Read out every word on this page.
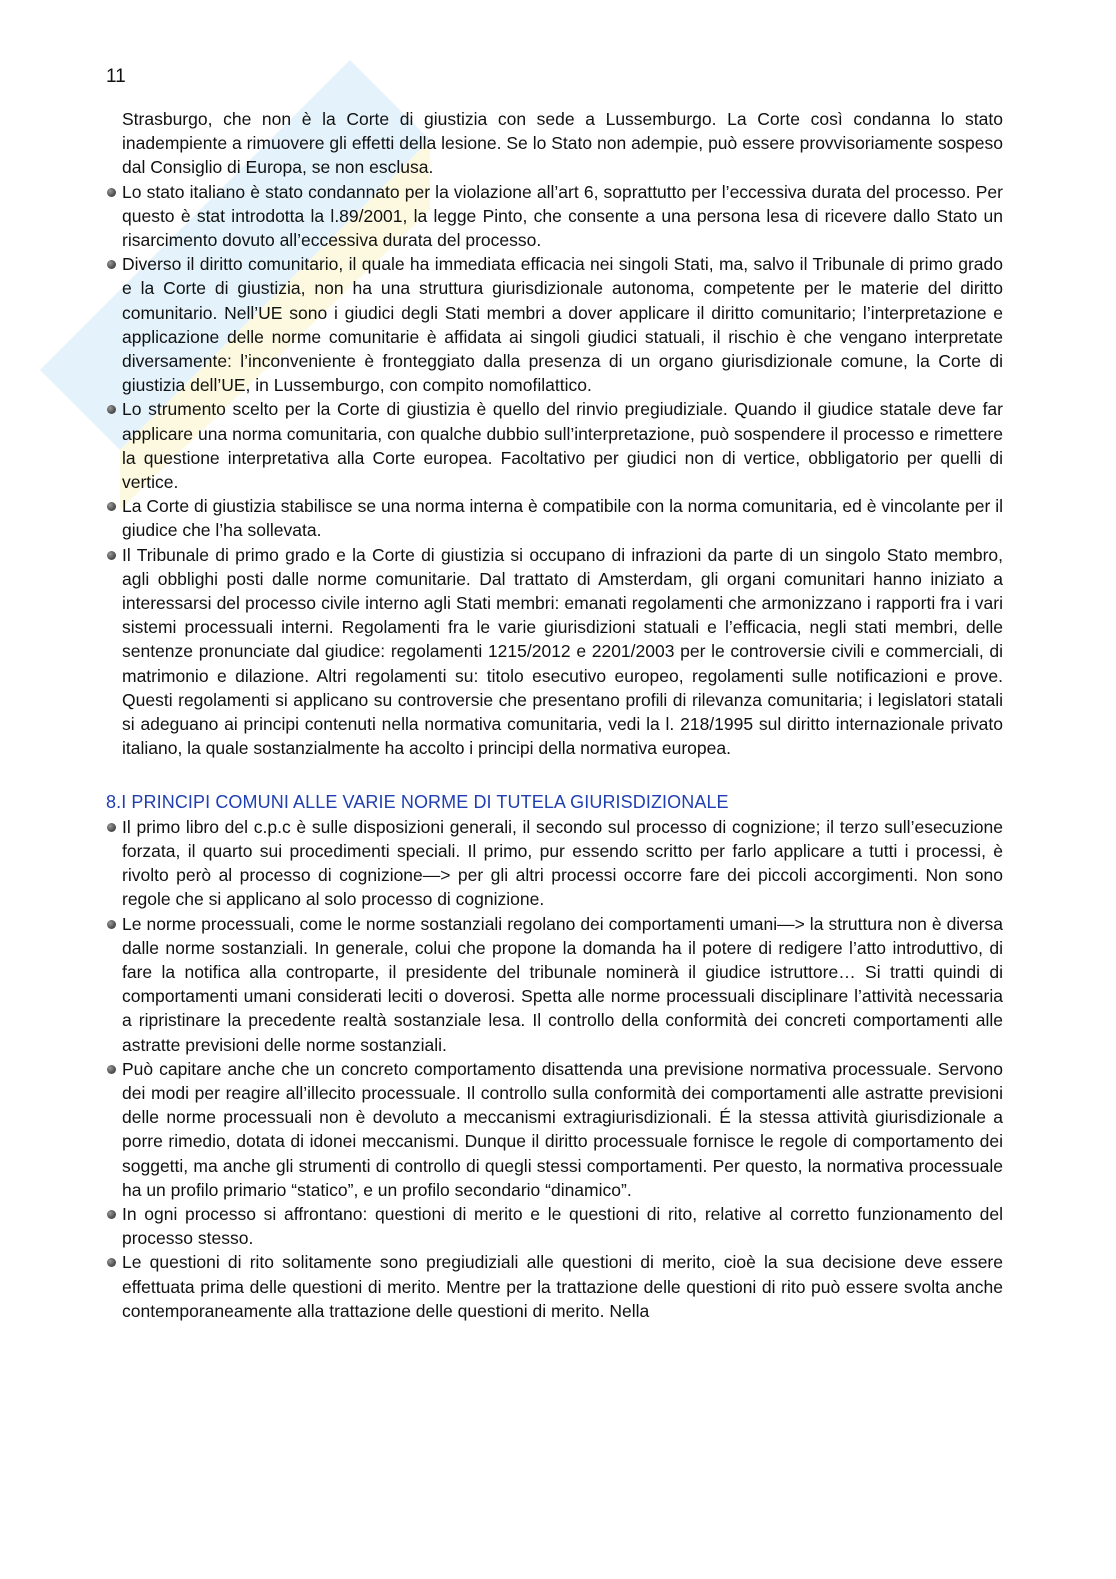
11

Strasburgo, che non è la Corte di giustizia con sede a Lussemburgo. La Corte così condanna lo stato inadempiente a rimuovere gli effetti della lesione. Se lo Stato non adempie, può essere provvisoriamente sospeso dal Consiglio di Europa, se non esclusa.

Lo stato italiano è stato condannato per la violazione all’art 6, soprattutto per l’eccessiva durata del processo. Per questo è stat introdotta la l.89/2001, la legge Pinto, che consente a una persona lesa di ricevere dallo Stato un risarcimento dovuto all’eccessiva durata del processo.

Diverso il diritto comunitario, il quale ha immediata efficacia nei singoli Stati, ma, salvo il Tribunale di primo grado e la Corte di giustizia, non ha una struttura giurisdizionale autonoma, competente per le materie del diritto comunitario. Nell’UE sono i giudici degli Stati membri a dover applicare il diritto comunitario; l’interpretazione e applicazione delle norme comunitarie è affidata ai singoli giudici statuali, il rischio è che vengano interpretate diversamente: l’inconveniente è fronteggiato dalla presenza di un organo giurisdizionale comune, la Corte di giustizia dell’UE, in Lussemburgo, con compito nomofilattico.

Lo strumento scelto per la Corte di giustizia è quello del rinvio pregiudiziale. Quando il giudice statale deve far applicare una norma comunitaria, con qualche dubbio sull’interpretazione, può sospendere il processo e rimettere la questione interpretativa alla Corte europea. Facoltativo per giudici non di vertice, obbligatorio per quelli di vertice.

La Corte di giustizia stabilisce se una norma interna è compatibile con la norma comunitaria, ed è vincolante per il giudice che l’ha sollevata.

Il Tribunale di primo grado e la Corte di giustizia si occupano di infrazioni da parte di un singolo Stato membro, agli obblighi posti dalle norme comunitarie. Dal trattato di Amsterdam, gli organi comunitari hanno iniziato a interessarsi del processo civile interno agli Stati membri: emanati regolamenti che armonizzano i rapporti fra i vari sistemi processuali interni. Regolamenti fra le varie giurisdizioni statuali e l’efficacia, negli stati membri, delle sentenze pronunciate dal giudice: regolamenti 1215/2012 e 2201/2003 per le controversie civili e commerciali, di matrimonio e dilazione. Altri regolamenti su: titolo esecutivo europeo, regolamenti sulle notificazioni e prove. Questi regolamenti si applicano su controversie che presentano profili di rilevanza comunitaria; i legislatori statali si adeguano ai principi contenuti nella normativa comunitaria, vedi la l. 218/1995 sul diritto internazionale privato italiano, la quale sostanzialmente ha accolto i principi della normativa europea.

8.I PRINCIPI COMUNI ALLE VARIE NORME DI TUTELA GIURISDIZIONALE

Il primo libro del c.p.c è sulle disposizioni generali, il secondo sul processo di cognizione; il terzo sull’esecuzione forzata, il quarto sui procedimenti speciali. Il primo, pur essendo scritto per farlo applicare a tutti i processi, è rivolto però al processo di cognizione—> per gli altri processi occorre fare dei piccoli accorgimenti. Non sono regole che si applicano al solo processo di cognizione.

Le norme processuali, come le norme sostanziali regolano dei comportamenti umani—> la struttura non è diversa dalle norme sostanziali. In generale, colui che propone la domanda ha il potere di redigere l’atto introduttivo, di fare la notifica alla controparte, il presidente del tribunale nominerà il giudice istruttore… Si tratti quindi di comportamenti umani considerati leciti o doverosi. Spetta alle norme processuali disciplinare l’attività necessaria a ripristinare la precedente realtà sostanziale lesa. Il controllo della conformità dei concreti comportamenti alle astratte previsioni delle norme sostanziali.

Può capitare anche che un concreto comportamento disattenda una previsione normativa processuale. Servono dei modi per reagire all’illecito processuale. Il controllo sulla conformità dei comportamenti alle astratte previsioni delle norme processuali non è devoluto a meccanismi extragiurisdizionali. É la stessa attività giurisdizionale a porre rimedio, dotata di idonei meccanismi. Dunque il diritto processuale fornisce le regole di comportamento dei soggetti, ma anche gli strumenti di controllo di quegli stessi comportamenti. Per questo, la normativa processuale ha un profilo primario “statico”, e un profilo secondario “dinamico”.

In ogni processo si affrontano: questioni di merito e le questioni di rito, relative al corretto funzionamento del processo stesso.

Le questioni di rito solitamente sono pregiudiziali alle questioni di merito, cioè la sua decisione deve essere effettuata prima delle questioni di merito. Mentre per la trattazione delle questioni di rito può essere svolta anche contemporaneamente alla trattazione delle questioni di merito. Nella
